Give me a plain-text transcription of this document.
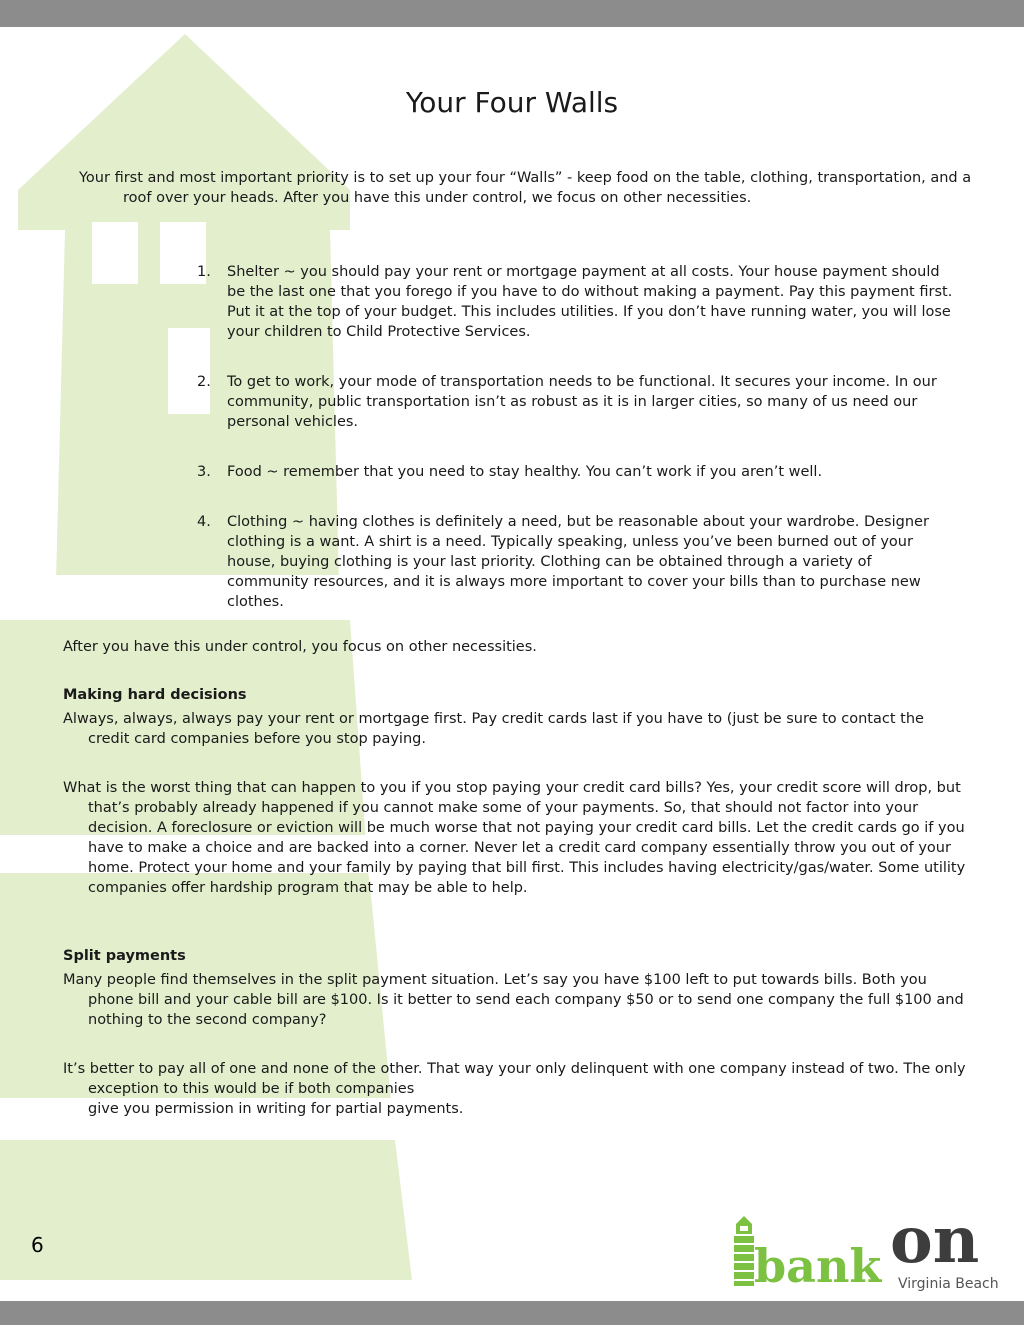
Your Four Walls

Your first and most important priority is to set up your four “Walls” - keep food on the table, clothing, transportation, and a roof over your heads. After you have this under control, we focus on other necessities.

1. Shelter ~ you should pay your rent or mortgage payment at all costs. Your house payment should be the last one that you forego if you have to do without making a payment. Pay this payment first. Put it at the top of your budget. This includes utilities. If you don’t have running water, you will lose your children to Child Protective Services.
2. To get to work, your mode of transportation needs to be functional. It secures your income. In our community, public transportation isn’t as robust as it is in larger cities, so many of us need our personal vehicles.
3. Food ~ remember that you need to stay healthy. You can’t work if you aren’t well.
4. Clothing ~ having clothes is definitely a need, but be reasonable about your wardrobe. Designer clothing is a want. A shirt is a need. Typically speaking, unless you’ve been burned out of your house, buying clothing is your last priority. Clothing can be obtained through a variety of community resources, and it is always more important to cover your bills than to purchase new clothes.

After you have this under control, you focus on other necessities.

Making hard decisions

Always, always, always pay your rent or mortgage first. Pay credit cards last if you have to (just be sure to contact the credit card companies before you stop paying.

What is the worst thing that can happen to you if you stop paying your credit card bills? Yes, your credit score will drop, but that’s probably already happened if you cannot make some of your payments. So, that should not factor into your decision. A foreclosure or eviction will be much worse that not paying your credit card bills. Let the credit cards go if you have to make a choice and are backed into a corner. Never let a credit card company essentially throw you out of your home. Protect your home and your family by paying that bill first. This includes having electricity/gas/water. Some utility companies offer hardship program that may be able to help.

Split payments

Many people find themselves in the split payment situation. Let’s say you have $100 left to put towards bills. Both you phone bill and your cable bill are $100. Is it better to send each company $50 or to send one company the full $100 and nothing to the second company?

It’s better to pay all of one and none of the other. That way your only delinquent with one company instead of two. The only exception to this would be if both companies
give you permission in writing for partial payments.
6	bank on
Virginia Beach
